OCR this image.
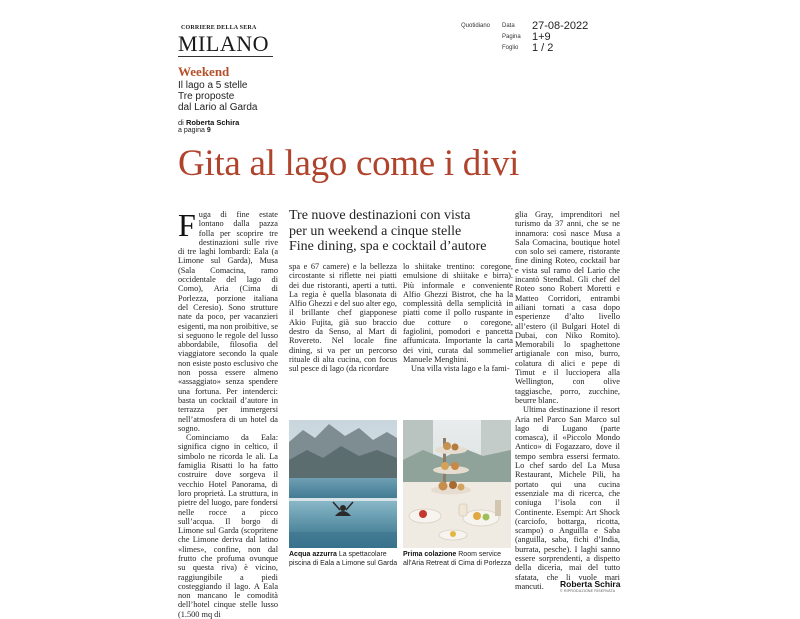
CORRIERE DELLA SERA
MILANO
Quotidiano Data 27-08-2022
Pagina 1+9
Foglio 1 / 2
Weekend
Il lago a 5 stelle
Tre proposte
dal Lario al Garda
di Roberta Schira
a pagina 9
Gita al lago come i divi
Tre nuove destinazioni con vista
per un weekend a cinque stelle
Fine dining, spa e cocktail d’autore
F uga di fine estate lontano dalla pazza folla per scoprire tre destinazioni sulle rive di tre laghi lombardi: Eala (a Limone sul Garda), Musa (Sala Comacina, ramo occidentale del lago di Como), Aria (Cima di Porlezza, porzione italiana del Ceresio). Sono strutture nate da poco, per vacanzieri esigenti, ma non proibitive, se si seguono le regole del lusso abbordabile, filosofia del viaggiatore secondo la quale non esiste posto esclusivo che non possa essere almeno «assaggiato» senza spendere una fortuna. Per intenderci: basta un cocktail d’autore in terrazza per immergersi nell’atmosfera di un hotel da sogno.

Cominciamo da Eala: significa cigno in celtico, il simbolo ne ricorda le ali. La famiglia Risatti lo ha fatto costruire dove sorgeva il vecchio Hotel Panorama, di loro proprietà. La struttura, in pietre del luogo, pare fondersi nelle rocce a picco sull’acqua. Il borgo di Limone sul Garda (scopritene che Limone deriva dal latino «limes», confine, non dal frutto che profuma ovunque su questa riva) è vicino, raggiungibile a piedi costeggiando il lago. A Eala non mancano le comodità dell’hotel cinque stelle lusso (1.500 mq di

spa e 67 camere) e la bellezza circostante si riflette nei piatti dei due ristoranti, aperti a tutti. La regia è quella blasonata di Alfio Ghezzi e del suo alter ego, il brillante chef giapponese Akio Fujita, già suo braccio destro da Senso, al Mart di Rovereto. Nel locale fine dining, si va per un percorso rituale di alta cucina, con focus sul pesce di lago (da ricordare

lo shiitake trentino: coregone, emulsione di shiitake e birra). Più informale e conveniente Alfio Ghezzi Bistrot, che ha la complessità della semplicità in piatti come il pollo ruspante in due cotture o coregone, fagiolini, pomodori e pancetta affumicata. Importante la carta dei vini, curata dal sommelier Manuele Menghini.

Una villa vista lago e la fami-

glia Gray, imprenditori nel turismo da 37 anni, che se ne innamora: così nasce Musa a Sala Comacina, boutique hotel con solo sei camere, ristorante fine dining Roteo, cocktail bar e vista sul ramo del Lario che incantò Stendhal. Gli chef del Roteo sono Robert Moretti e Matteo Corridori, entrambi ailiani tornati a casa dopo esperienze d’alto livello all’estero (il Bulgari Hotel di Dubai, con Niko Romito). Memorabili lo spaghettone artigianale con miso, burro, colatura di alici e pepe di Timut e il lucciopera alla Wellington, con olive taggiasche, porro, zucchine, beurre blanc.

Ultima destinazione il resort Aria nel Parco San Marco sul lago di Lugano (parte comasca), il «Piccolo Mondo Antico» di Fogazzaro, dove il tempo sembra essersi fermato. Lo chef sardo del La Musa Restaurant, Michele Pili, ha portato qui una cucina essenziale ma di ricerca, che coniuga l’isola con il Continente. Esempi: Art Shock (carciofo, bottarga, ricotta, scampo) o Anguilla e Saba (anguilla, saba, fichi d’India, burrata, pesche). I laghi sanno essere sorprendenti, a dispetto della dicerìa, mai del tutto sfatata, che li vuole mari mancuti.

Acqua azzurra La spettacolare piscina di Eala a Limone sul Garda
Prima colazione Room service all’Aria Retreat di Cima di Porlezza
Roberta Schira
© RIPRODUZIONE RISERVATA
